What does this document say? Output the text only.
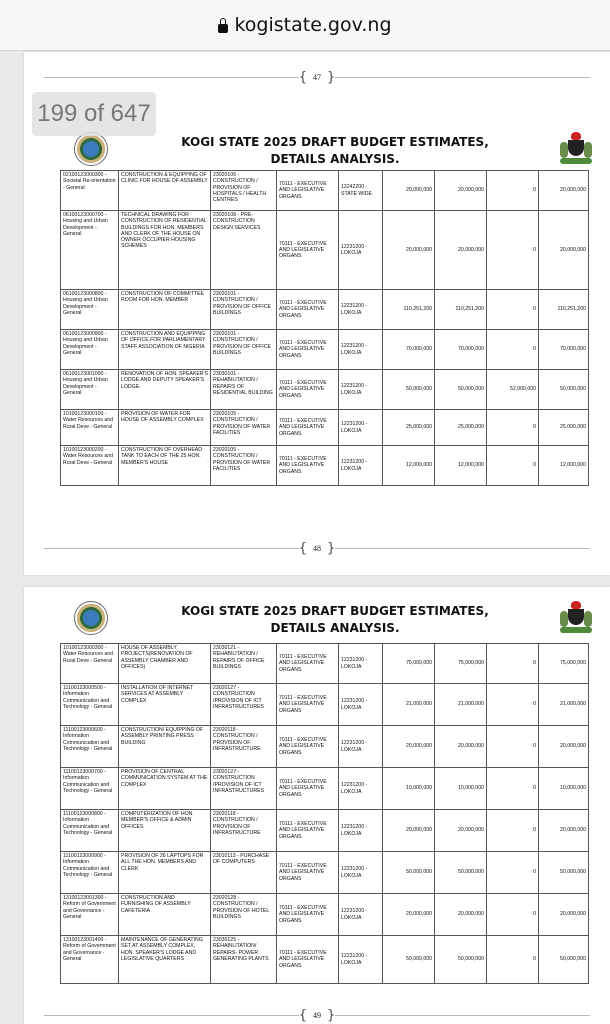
kogistate.gov.ng
199 of 647
{ 47 }
KOGI STATE 2025 DRAFT BUDGET ESTIMATES,
DETAILS ANALYSIS.
02100123000300 - Societal Re-orientation - General	CONSTRUCTION & EQUIPPING OF CLINIC FOR HOUSE OF ASSEMBLY	23020106 - CONSTRUCTION / PROVISION OF HOSPITALS / HEALTH CENTRES	70111 - EXECUTIVE AND LEGISLATIVE ORGANS	12242200 - STATE WIDE	20,000,000	20,000,000	0	20,000,000
06100123000700 - Housing and Urban Development - General	TECHNICAL DRAWING FOR CONSTRUCTION OF RESIDENTIAL BUILDINGS FOR HON. MEMBERS AND CLERK OF THE HOUSE ON OWNER OCCUPIER HOUSING SCHEMES	23020108 - PRE-CONSTRUCTION DESIGN SERVICES	70111 - EXECUTIVE AND LEGISLATIVE ORGANS	12231200 - LOKOJA	20,000,000	20,000,000	0	20,000,000
06100123000800 - Housing and Urban Development - General	CONSTRUCTION OF COMMITTEE ROOM FOR HON. MEMBER	23020101 - CONSTRUCTION / PROVISION OF OFFICE BUILDINGS	70111 - EXECUTIVE AND LEGISLATIVE ORGANS	12231200 - LOKOJA	110,251,200	110,251,200	0	110,251,200
06100123000900 - Housing and Urban Development - General	CONSTRUCTION AND EQUIPPING OF OFFICE FOR PARLIAMENTARY STAFF ASSOCIATION OF NIGERIA	23020101 - CONSTRUCTION / PROVISION OF OFFICE BUILDINGS	70111 - EXECUTIVE AND LEGISLATIVE ORGANS	12231200 - LOKOJA	70,000,000	70,000,000	0	70,000,000
06100123001000 - Housing and Urban Development - General	RENOVATION OF HON. SPEAKER'S LODGE AND DEPUTY SPEAKER'S LODGE.	23030101 - REHABILITATION / REPAIRS OF RESIDENTIAL BUILDING	70111 - EXECUTIVE AND LEGISLATIVE ORGANS	12231200 - LOKOJA	50,000,000	50,000,000	52,000,000	50,000,000
10100123000100 - Water Resources and Rural Deve - General	PROVISION OF WATER FOR HOUSE OF ASSEMBLY COMPLEX	23020105 - CONSTRUCTION / PROVISION OF WATER FACILITIES	70111 - EXECUTIVE AND LEGISLATIVE ORGANS	12231200 - LOKOJA	25,000,000	25,000,000	0	25,000,000
10100123000200 - Water Resources and Rural Deve - General	CONSTRUCTION OF OVERHEAD TANK TO EACH OF THE 25 HON. MEMBER'S HOUSE	23020105 - CONSTRUCTION / PROVISION OF WATER FACILITIES	70111 - EXECUTIVE AND LEGISLATIVE ORGANS	12231200 - LOKOJA	12,000,000	12,000,000	0	12,000,000
{ 48 }
KOGI STATE 2025 DRAFT BUDGET ESTIMATES,
DETAILS ANALYSIS.
10100123000300 - Water Resources and Rural Deve - General	HOUSE OF ASSEMBLY PROJECTS(RENOVATION OF ASSEMBLY CHAMBER AND OFFICES)	23030121 - REHABILITATION / REPAIRS OF OFFICE BUILDINGS	70111 - EXECUTIVE AND LEGISLATIVE ORGANS	12231200 - LOKOJA	75,000,000	75,000,000	0	75,000,000
11100123000500 - Information Communication and Technology - General	INSTALLATION OF INTERNET SERVICES AT ASSEMBLY COMPLEX	23020127 - CONSTRUCTION /PROVISION OF ICT INFRASTRUCTURES	70111 - EXECUTIVE AND LEGISLATIVE ORGANS	12231200 - LOKOJA	21,000,000	21,000,000	0	21,000,000
11100123000600 - Information Communication and Technology - General	CONSTRUCTION/ EQUIPPING OF ASSEMBLY PRINTING PRESS BUILDING	23020118 - CONSTRUCTION / PROVISION OF INFRASTRUCTURE	70111 - EXECUTIVE AND LEGISLATIVE ORGANS	12231200 - LOKOJA	20,000,000	20,000,000	0	20,000,000
11100123000700 - Information Communication and Technology - General	PROVISION OF CENTRAL COMMUNICATION SYSTEM AT THE COMPLEX	23020127 - CONSTRUCTION /PROVISION OF ICT INFRASTRUCTURES	70111 - EXECUTIVE AND LEGISLATIVE ORGANS	12231200 - LOKOJA	10,000,000	10,000,000	0	10,000,000
11100123000800 - Information Communication and Technology - General	COMPUTERIZATION OF HON. MEMBER'S OFFICE & ADMIN OFFICES	23020118 - CONSTRUCTION / PROVISION OF INFRASTRUCTURE	70111 - EXECUTIVE AND LEGISLATIVE ORGANS	12231200 - LOKOJA	20,000,000	20,000,000	0	20,000,000
11100123000900 - Information Communication and Technology - General	PROVISION OF 26 LAPTOPS FOR ALL THE HON. MEMBERS AND CLERK	23010113 - PURCHASE OF COMPUTERS	70111 - EXECUTIVE AND LEGISLATIVE ORGANS	12231200 - LOKOJA	50,000,000	50,000,000	0	50,000,000
13100123001300 - Reform of Government and Governance - General	CONSTRUCTION AND FURNISHING OF ASSEMBLY CAFETERIA	23020128 - CONSTRUCTION / PROVISION OF HOTEL BUILDINGS	70111 - EXECUTIVE AND LEGISLATIVE ORGANS	12231200 - LOKOJA	20,000,000	20,000,000	0	20,000,000
13100123001400 - Reform of Government and Governance - General	MAINTENANCE OF GENERATING SET AT ASSEMBLY COMPLEX, HON. SPEAKER'S LODGE AND LEGISLATIVE QUARTERS	23030125 - REHABILITATION/ REPAIRS- POWER GENERATING PLANTS	70111 - EXECUTIVE AND LEGISLATIVE ORGANS	12231200 - LOKOJA	50,000,000	50,000,000	0	50,000,000
{ 49 }
